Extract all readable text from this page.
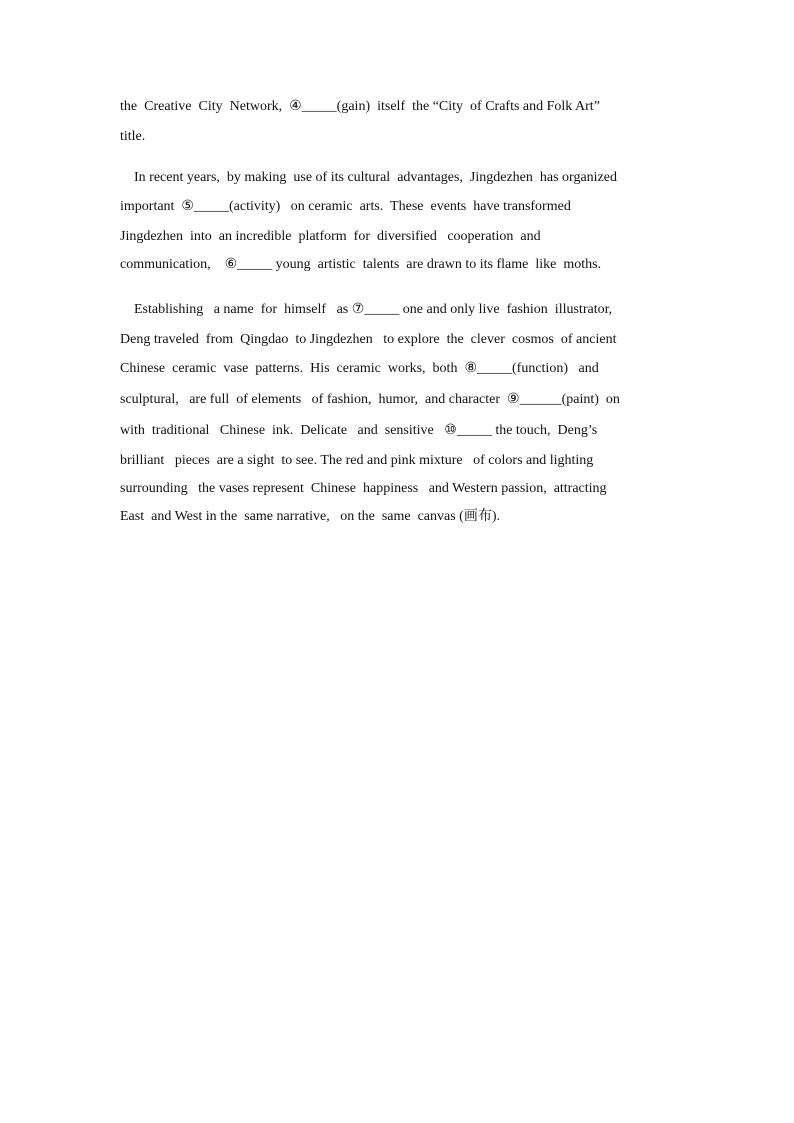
the  Creative  City  Network,  ④_____(gain)  itself  the “City  of Crafts and Folk Art”
title.
In recent years,  by making  use of its cultural  advantages,  Jingdezhen  has organized
important  ⑤_____(activity)   on ceramic  arts.  These  events  have transformed
Jingdezhen  into  an incredible  platform  for  diversified   cooperation  and
communication,    ⑥_____ young  artistic  talents  are drawn to its flame  like  moths.
Establishing   a name  for  himself   as ⑦_____ one and only live  fashion  illustrator,
Deng traveled  from  Qingdao  to Jingdezhen   to explore  the  clever  cosmos  of ancient
Chinese  ceramic  vase  patterns.  His  ceramic  works,  both  ⑧_____(function)   and
sculptural,   are full  of elements   of fashion,  humor,  and character  ⑨______(paint)  on
with  traditional   Chinese  ink.  Delicate   and  sensitive   ⑩_____ the touch,  Deng’s
brilliant   pieces  are a sight  to see. The red and pink mixture   of colors and lighting
surrounding   the vases represent  Chinese  happiness   and Western passion,  attracting
East  and West in the  same narrative,   on the  same  canvas (画布).
